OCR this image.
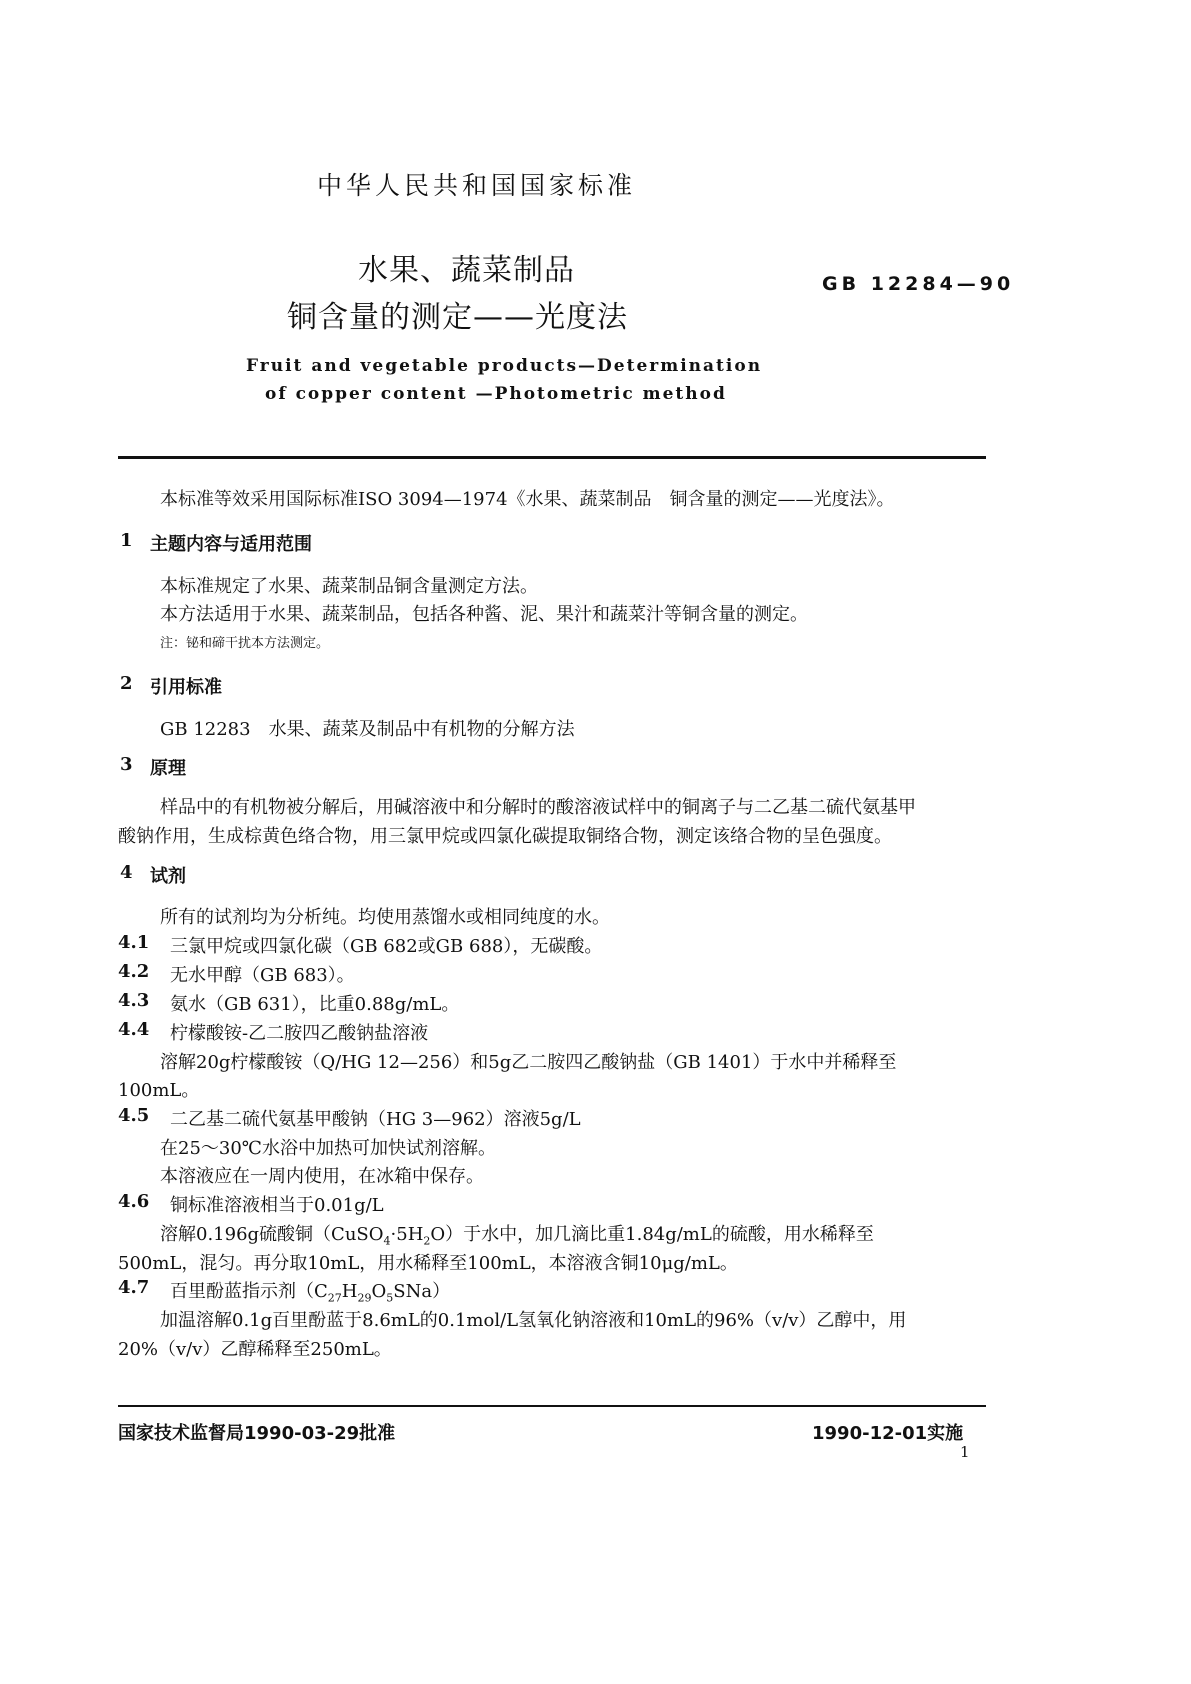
中华人民共和国国家标准
水果、蔬菜制品
铜含量的测定——光度法
GB 12284—90
Fruit and vegetable products—Determination
of copper content —Photometric method
本标准等效采用国际标准ISO 3094—1974《水果、蔬菜制品　铜含量的测定——光度法》。
1 主题内容与适用范围
本标准规定了水果、蔬菜制品铜含量测定方法。
本方法适用于水果、蔬菜制品，包括各种酱、泥、果汁和蔬菜汁等铜含量的测定。
注：铋和碲干扰本方法测定。
2 引用标准
GB 12283　水果、蔬菜及制品中有机物的分解方法
3 原理
样品中的有机物被分解后，用碱溶液中和分解时的酸溶液试样中的铜离子与二乙基二硫代氨基甲
酸钠作用，生成棕黄色络合物，用三氯甲烷或四氯化碳提取铜络合物，测定该络合物的呈色强度。
4 试剂
所有的试剂均为分析纯。均使用蒸馏水或相同纯度的水。
4.1 三氯甲烷或四氯化碳（GB 682或GB 688），无碳酸。
4.2 无水甲醇（GB 683）。
4.3 氨水（GB 631），比重0.88g/mL。
4.4 柠檬酸铵-乙二胺四乙酸钠盐溶液
溶解20g柠檬酸铵（Q/HG 12—256）和5g乙二胺四乙酸钠盐（GB 1401）于水中并稀释至
100mL。
4.5 二乙基二硫代氨基甲酸钠（HG 3—962）溶液5g/L
在25～30℃水浴中加热可加快试剂溶解。
本溶液应在一周内使用，在冰箱中保存。
4.6 铜标准溶液相当于0.01g/L
溶解0.196g硫酸铜$(CuSO_4\cdot 5H_2O)$于水中，加几滴比重1.84g/mL的硫酸，用水稀释至
500mL，混匀。再分取10mL，用水稀释至100mL，本溶液含铜10μg/mL。
4.7 百里酚蓝指示剂$(C_{27}H_{29}O_5SNa)$
加温溶解0.1g百里酚蓝于8.6mL的0.1mol/L氢氧化钠溶液和10mL的96%（v/v）乙醇中，用
20%（v/v）乙醇稀释至250mL。
国家技术监督局1990-03-29批准	1990-12-01实施
1
